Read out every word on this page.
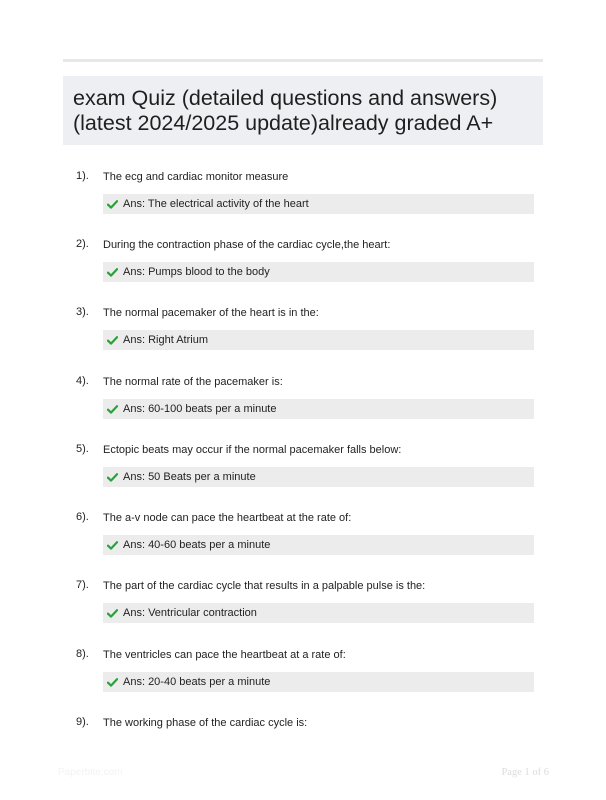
exam Quiz (detailed questions and answers)
(latest 2024/2025 update)already graded A+
1). The ecg and cardiac monitor measure
Ans: The electrical activity of the heart
2). During the contraction phase of the cardiac cycle,the heart:
Ans: Pumps blood to the body
3). The normal pacemaker of the heart is in the:
Ans: Right Atrium
4). The normal rate of the pacemaker is:
Ans: 60-100 beats per a minute
5). Ectopic beats may occur if the normal pacemaker falls below:
Ans: 50 Beats per a minute
6). The a-v node can pace the heartbeat at the rate of:
Ans: 40-60 beats per a minute
7). The part of the cardiac cycle that results in a palpable pulse is the:
Ans: Ventricular contraction
8). The ventricles can pace the heartbeat at a rate of:
Ans: 20-40 beats per a minute
9). The working phase of the cardiac cycle is:
Paperbite.com	Page 1 of 6
